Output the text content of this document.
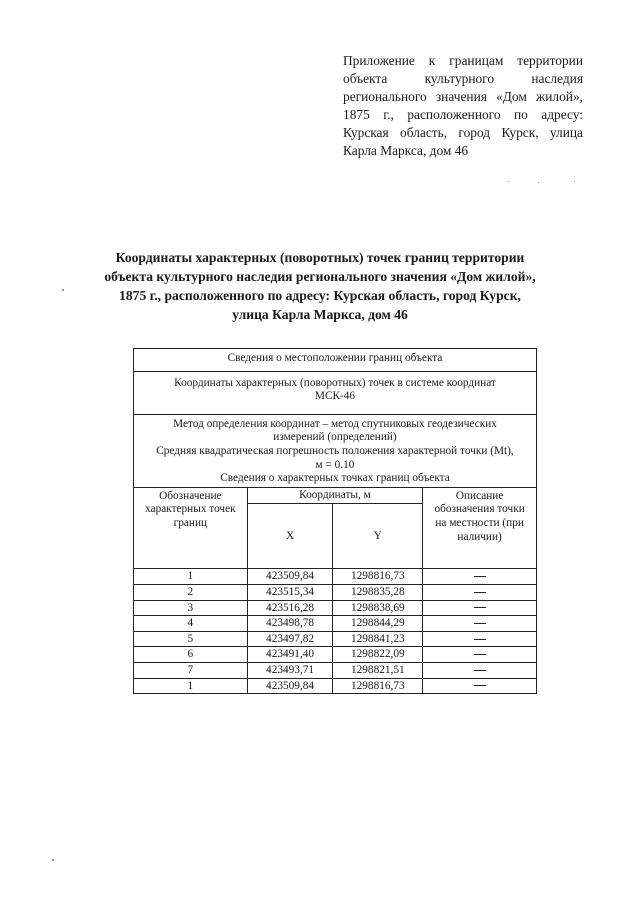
Приложение к границам территории объекта культурного наследия регионального значения «Дом жилой», 1875 г., расположенного по адресу: Курская область, город Курск, улица Карла Маркса, дом 46
Координаты характерных (поворотных) точек границ территории
объекта культурного наследия регионального значения «Дом жилой»,
1875 г., расположенного по адресу: Курская область, город Курск,
улица Карла Маркса, дом 46
Сведения о местоположении границ объекта			
Координаты характерных (поворотных) точек в системе координат МСК-46			

Метод определения координат – метод спутниковых геодезических измерений (определений)
Средняя квадратическая погрешность положения характерной точки (Mt), м = 0.10
Сведения о характерных точках границ объекта			

Обозначение характерных точек границ	Координаты, м		Описание обозначения точки на местности (при наличии)
	X	Y	
1	423509,84	1298816,73	
2	423515,34	1298835,28	
3	423516,28	1298838,69	
4	423498,78	1298844,29	
5	423497,82	1298841,23	
6	423491,40	1298822,09	
7	423493,71	1298821,51	
1	423509,84	1298816,73	
